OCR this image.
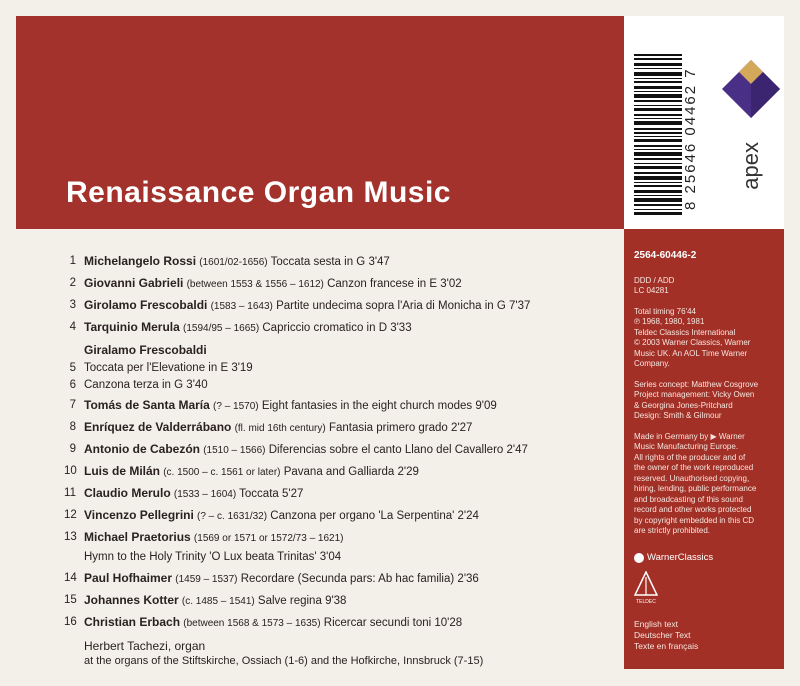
Renaissance Organ Music	8 25646 04462 7 apex
1 Michelangelo Rossi (1601/02-1656) Toccata sesta in G 3'47
2 Giovanni Gabrieli (between 1553 & 1556 – 1612) Canzon francese in E 3'02
3 Girolamo Frescobaldi (1583 – 1643) Partite undecima sopra l'Aria di Monicha in G 7'37
4 Tarquinio Merula (1594/95 – 1665) Capriccio cromatico in D 3'33
Giralamo Frescobaldi
5 Toccata per l'Elevatione in E 3'19
6 Canzona terza in G 3'40
7 Tomás de Santa María (? – 1570) Eight fantasies in the eight church modes 9'09
8 Enríquez de Valderrábano (fl. mid 16th century) Fantasia primero grado 2'27
9 Antonio de Cabezón (1510 – 1566) Diferencias sobre el canto Llano del Cavallero 2'47
10 Luis de Milán (c. 1500 – c. 1561 or later) Pavana and Galliarda 2'29
11 Claudio Merulo (1533 – 1604) Toccata 5'27
12 Vincenzo Pellegrini (? – c. 1631/32) Canzona per organo 'La Serpentina' 2'24
13 Michael Praetorius (1569 or 1571 or 1572/73 – 1621)
Hymn to the Holy Trinity 'O Lux beata Trinitas' 3'04
14 Paul Hofhaimer (1459 – 1537) Recordare (Secunda pars: Ab hac familia) 2'36
15 Johannes Kotter (c. 1485 – 1541) Salve regina 9'38
16 Christian Erbach (between 1568 & 1573 – 1635) Ricercar secundi toni 10'28
Herbert Tachezi, organ
at the organs of the Stiftskirche, Ossiach (1-6) and the Hofkirche, Innsbruck (7-15)
2564-60446-2
DDD / ADD
LC 04281
Total timing 76'44
℗ 1968, 1980, 1981
Teldec Classics International
© 2003 Warner Classics, Warner
Music UK. An AOL Time Warner
Company.
Series concept: Matthew Cosgrove
Project management: Vicky Owen
& Georgina Jones-Pritchard
Design: Smith & Gilmour
Made in Germany by ▶ Warner
Music Manufacturing Europe.
All rights of the producer and of
the owner of the work reproduced
reserved. Unauthorised copying,
hiring, lending, public performance
and broadcasting of this sound
record and other works protected
by copyright embedded in this CD
are strictly prohibited.
WarnerClassics
TELDEC
English text
Deutscher Text
Texte en français
